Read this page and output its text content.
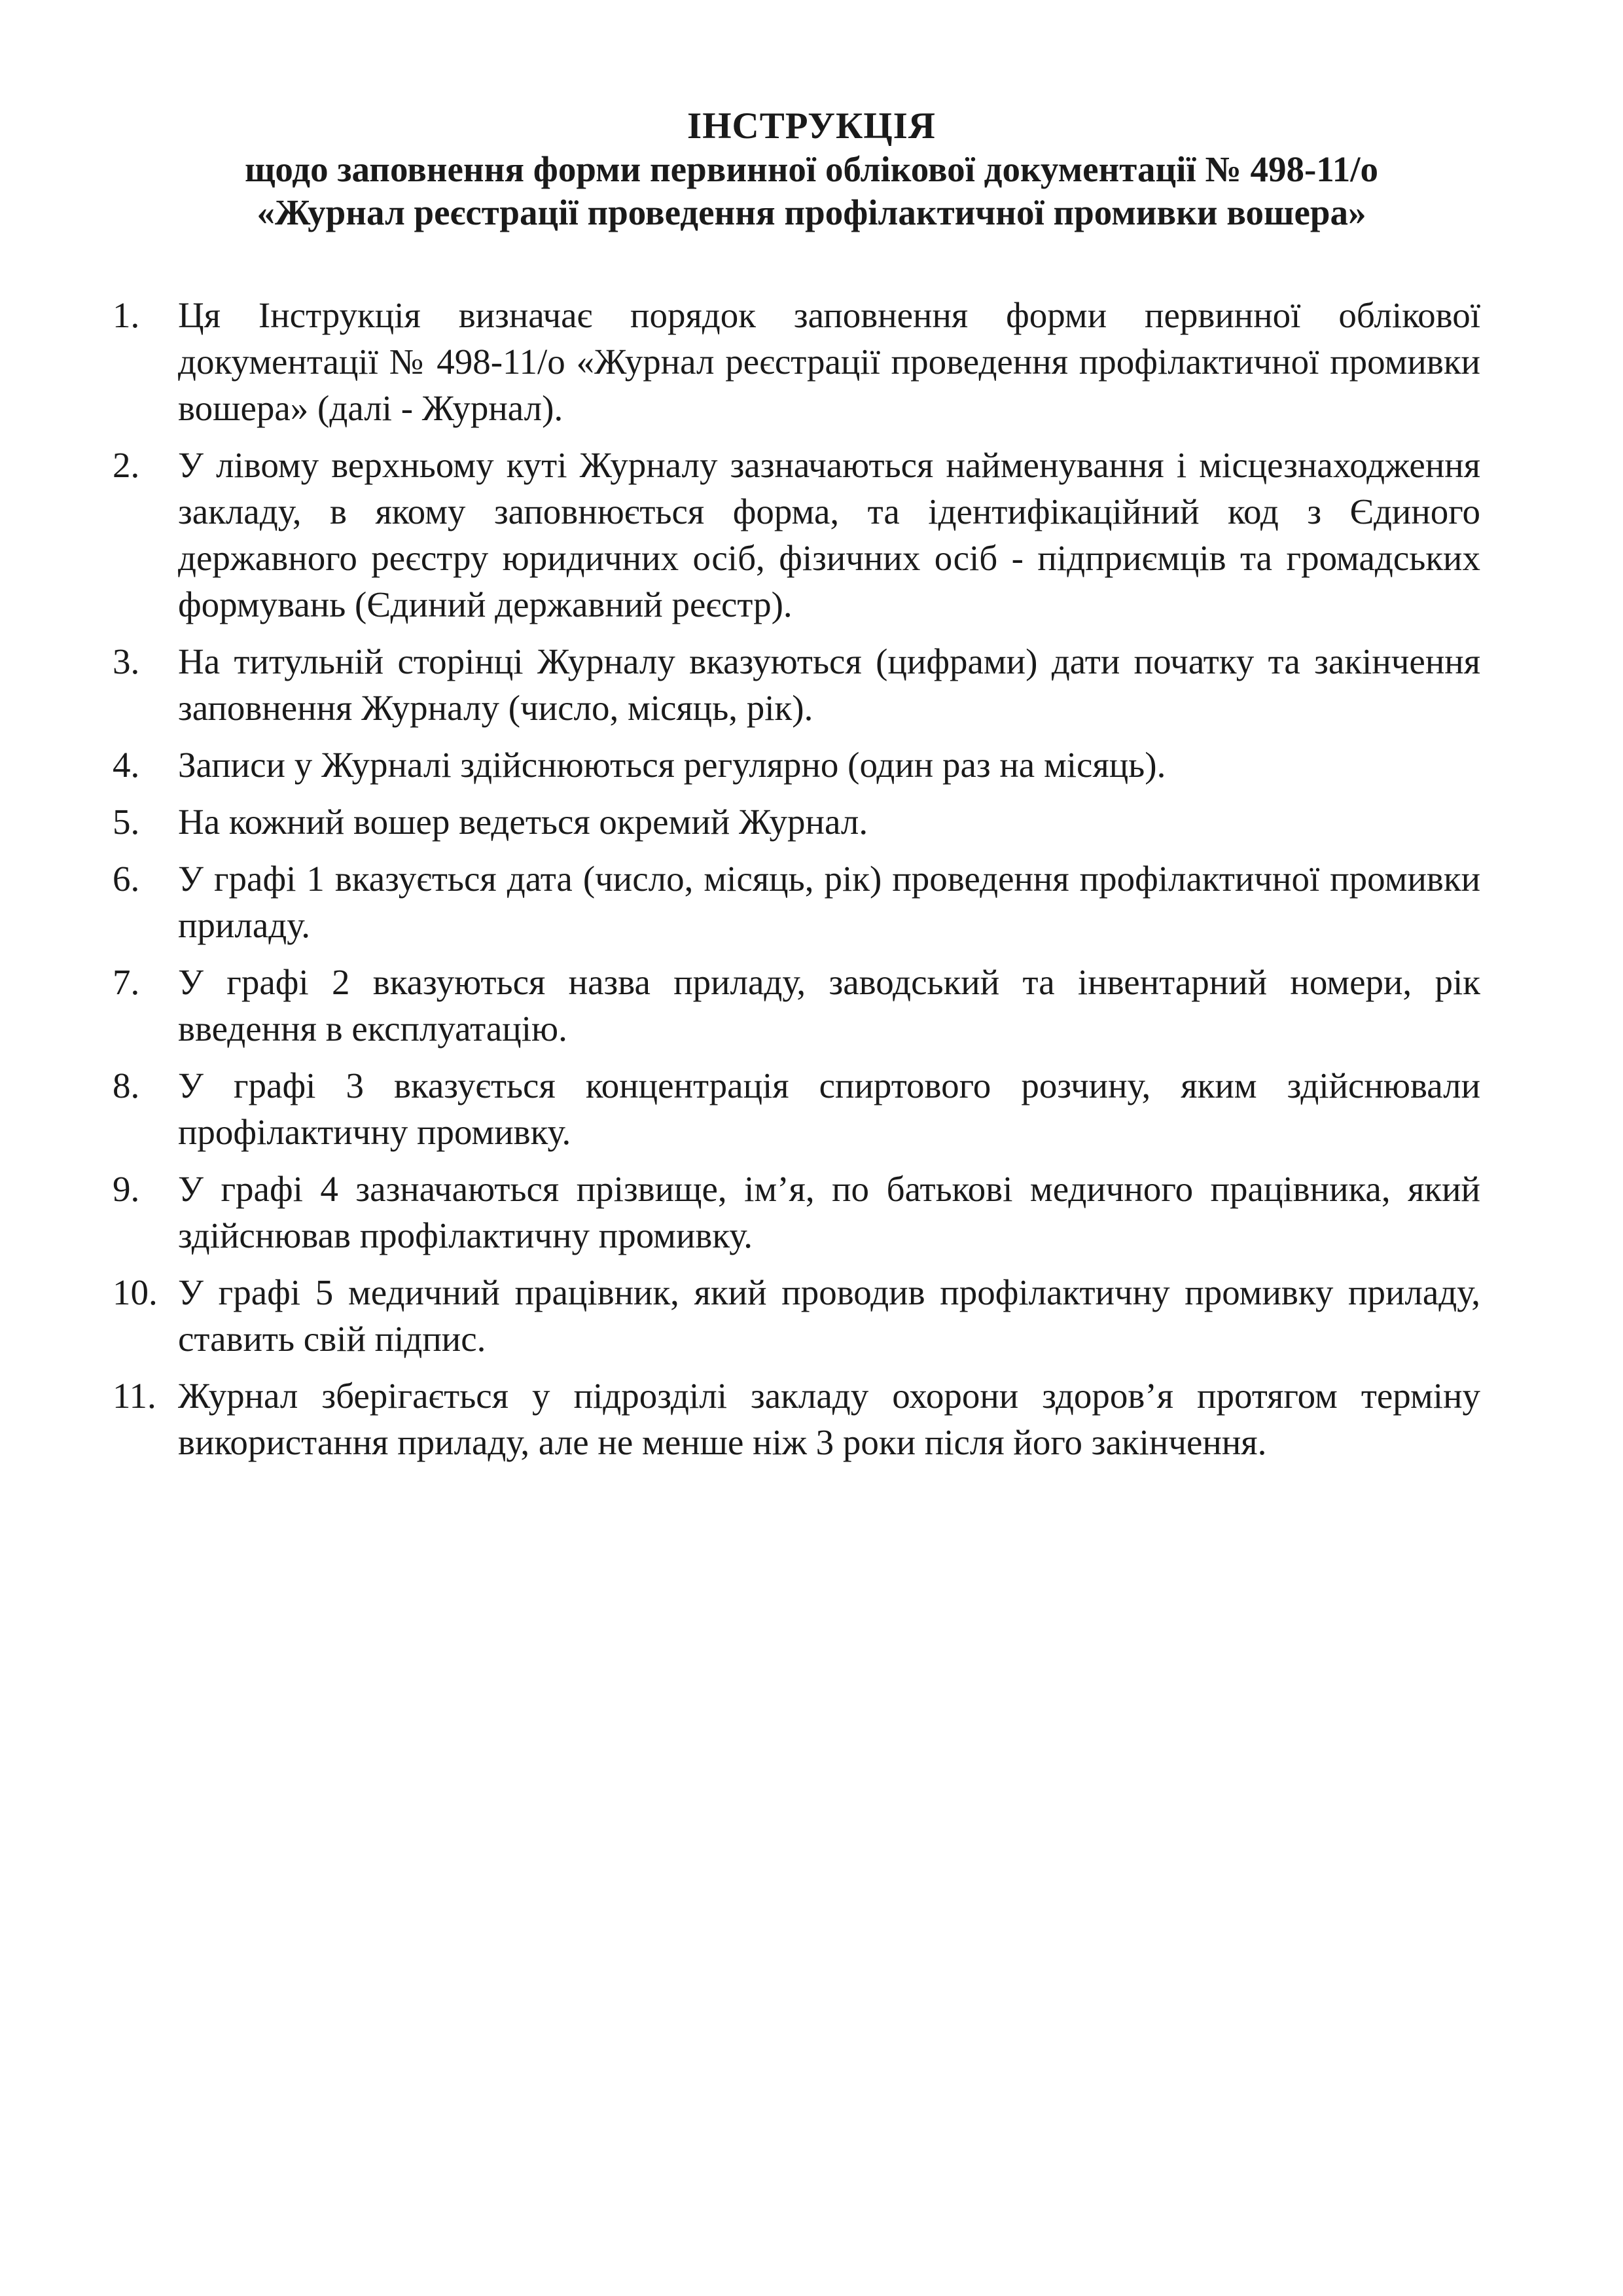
ІНСТРУКЦІЯ
щодо заповнення форми первинної облікової документації № 498-11/о
«Журнал реєстрації проведення профілактичної промивки вошера»
1. Ця Інструкція визначає порядок заповнення форми первинної облікової документації № 498-11/о «Журнал реєстрації проведення профілактичної промивки вошера» (далі - Журнал).
2. У лівому верхньому куті Журналу зазначаються найменування і місцезнаходження закладу, в якому заповнюється форма, та ідентифікаційний код з Єдиного державного реєстру юридичних осіб, фізичних осіб - підприємців та громадських формувань (Єдиний державний реєстр).
3. На титульній сторінці Журналу вказуються (цифрами) дати початку та закінчення заповнення Журналу (число, місяць, рік).
4. Записи у Журналі здійснюються регулярно (один раз на місяць).
5. На кожний вошер ведеться окремий Журнал.
6. У графі 1 вказується дата (число, місяць, рік) проведення профілактичної промивки приладу.
7. У графі 2 вказуються назва приладу, заводський та інвентарний номери, рік введення в експлуатацію.
8. У графі 3 вказується концентрація спиртового розчину, яким здійснювали профілактичну промивку.
9. У графі 4 зазначаються прізвище, ім’я, по батькові медичного працівника, який здійснював профілактичну промивку.
10. У графі 5 медичний працівник, який проводив профілактичну промивку приладу, ставить свій підпис.
11. Журнал зберігається у підрозділі закладу охорони здоров’я протягом терміну використання приладу, але не менше ніж 3 роки після його закінчення.
